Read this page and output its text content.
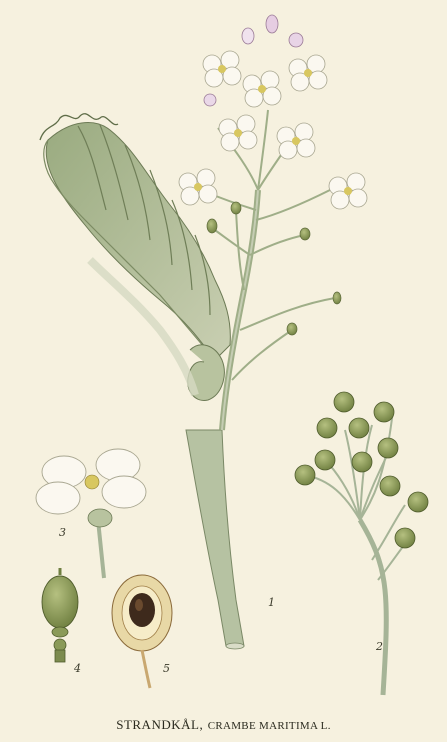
1
2
3
4	5
STRANDKÅL, CRAMBE MARITIMA L.
